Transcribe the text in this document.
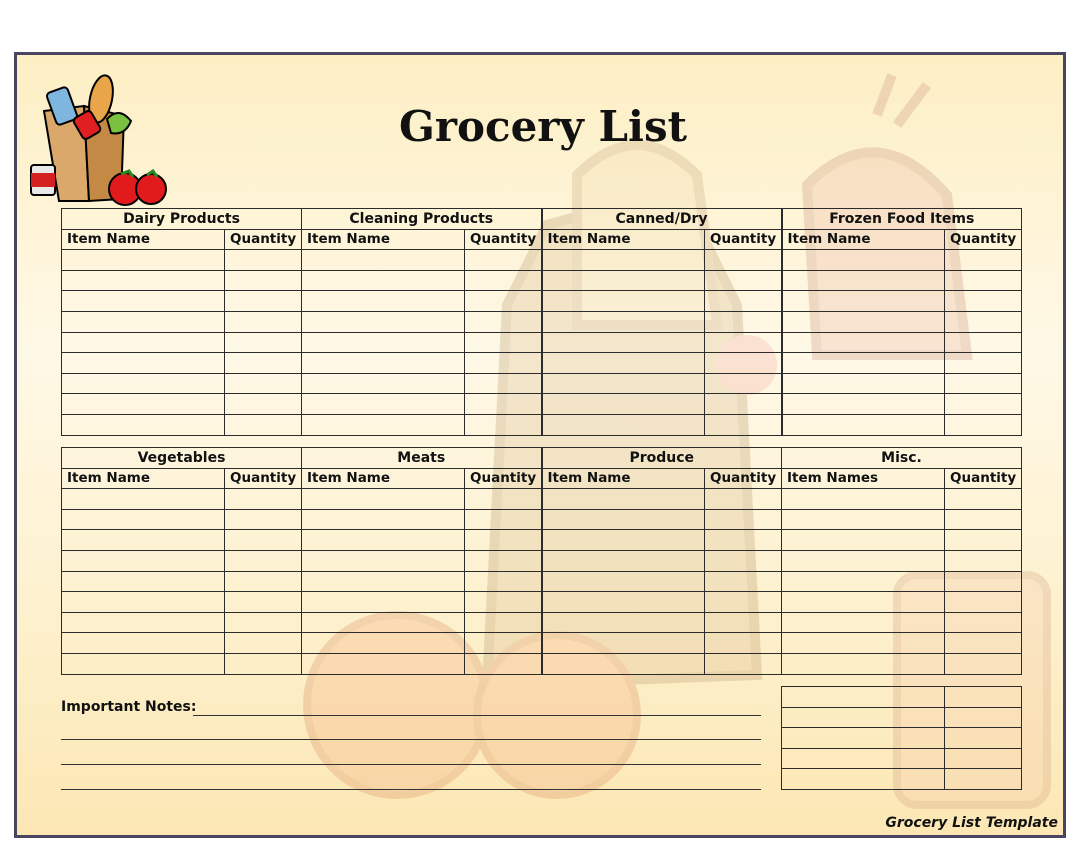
Grocery List
Dairy Products		Cleaning Products		Canned/Dry		Frozen Food Items	
Item Name	Quantity	Item Name	Quantity	Item Name	Quantity	Item Name	Quantity

Vegetables		Meats		Produce		Misc.	
Item Name	Quantity	Item Name	Quantity	Item Name	Quantity	Item Names	Quantity

Important Notes:
Grocery List Template
